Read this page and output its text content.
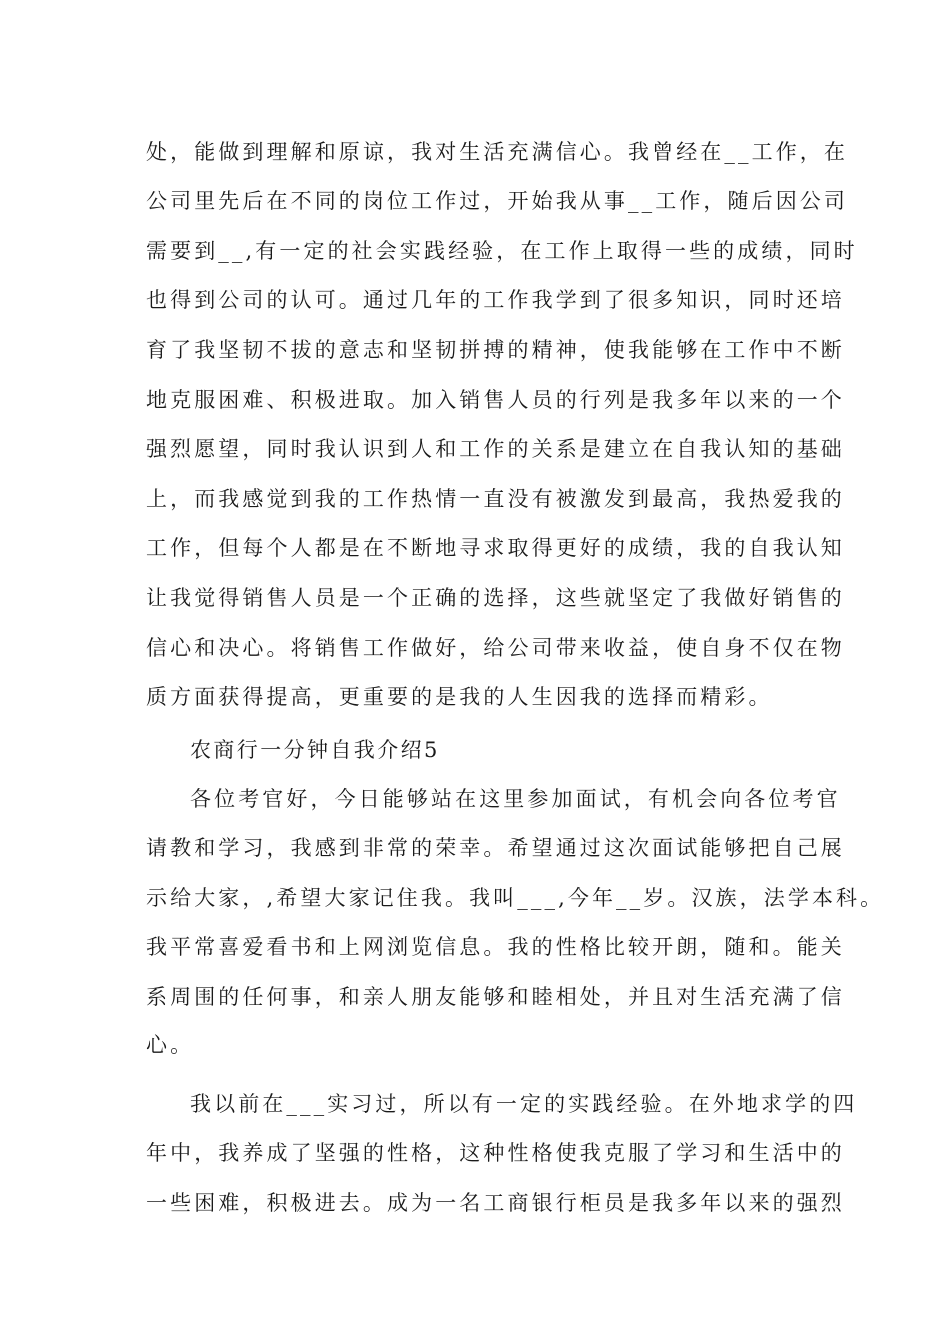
处，能做到理解和原谅，我对生活充满信心。我曾经在__工作，在

公司里先后在不同的岗位工作过，开始我从事__工作，随后因公司

需要到__,有一定的社会实践经验，在工作上取得一些的成绩，同时

也得到公司的认可。通过几年的工作我学到了很多知识，同时还培

育了我坚韧不拔的意志和坚韧拼搏的精神，使我能够在工作中不断

地克服困难、积极进取。加入销售人员的行列是我多年以来的一个

强烈愿望，同时我认识到人和工作的关系是建立在自我认知的基础

上，而我感觉到我的工作热情一直没有被激发到最高，我热爱我的

工作，但每个人都是在不断地寻求取得更好的成绩，我的自我认知

让我觉得销售人员是一个正确的选择，这些就坚定了我做好销售的

信心和决心。将销售工作做好，给公司带来收益，使自身不仅在物

质方面获得提高，更重要的是我的人生因我的选择而精彩。

农商行一分钟自我介绍5

各位考官好，今日能够站在这里参加面试，有机会向各位考官

请教和学习，我感到非常的荣幸。希望通过这次面试能够把自己展

示给大家，,希望大家记住我。我叫___,今年__岁。汉族，法学本科。

我平常喜爱看书和上网浏览信息。我的性格比较开朗，随和。能关

系周围的任何事，和亲人朋友能够和睦相处，并且对生活充满了信

心。

我以前在___实习过，所以有一定的实践经验。在外地求学的四

年中，我养成了坚强的性格，这种性格使我克服了学习和生活中的

一些困难，积极进去。成为一名工商银行柜员是我多年以来的强烈
